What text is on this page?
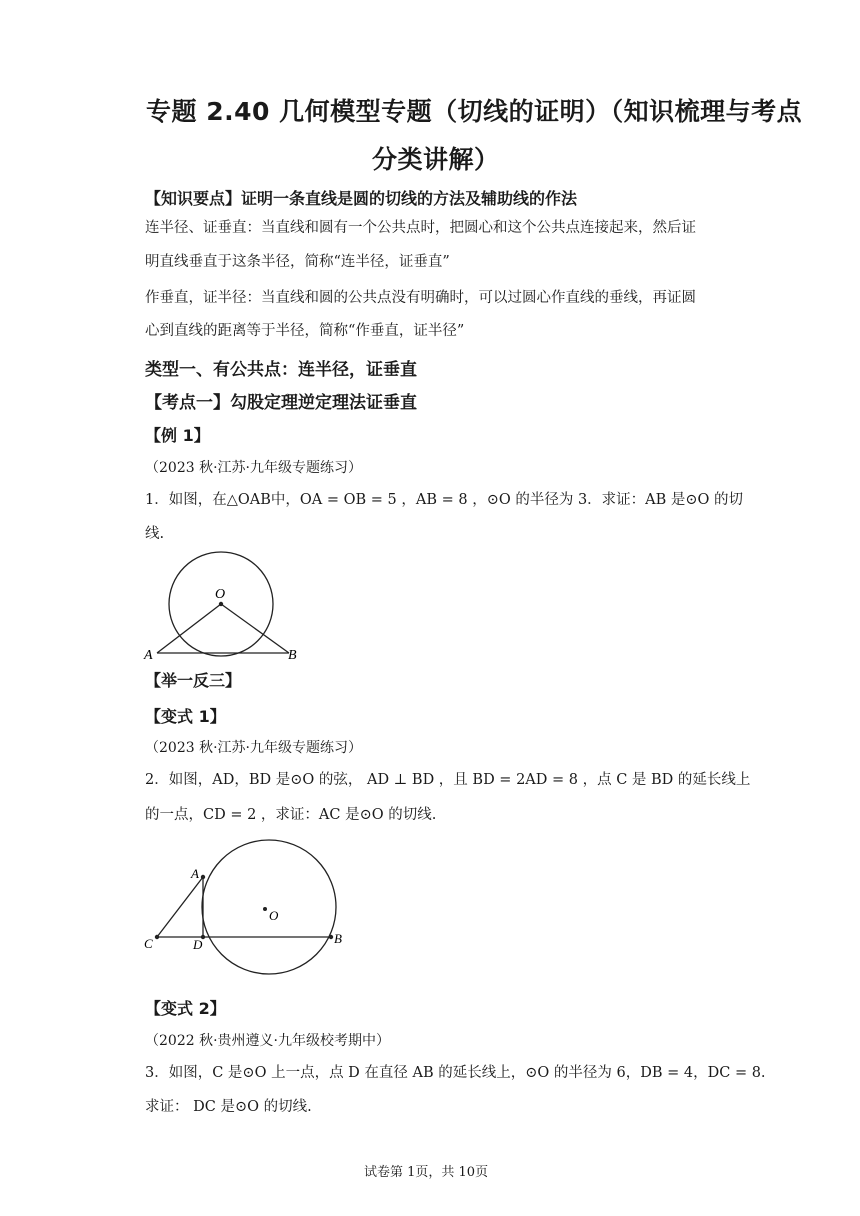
专题 2.40 几何模型专题（切线的证明）（知识梳理与考点
分类讲解）
【知识要点】证明一条直线是圆的切线的方法及辅助线的作法
连半径、证垂直：当直线和圆有一个公共点时，把圆心和这个公共点连接起来，然后证
明直线垂直于这条半径，简称“连半径，证垂直”
作垂直，证半径：当直线和圆的公共点没有明确时，可以过圆心作直线的垂线，再证圆
心到直线的距离等于半径，简称“作垂直，证半径”
类型一、有公共点：连半径，证垂直
【考点一】勾股定理逆定理法证垂直
【例 1】
（2023 秋·江苏·九年级专题练习）
1．如图，在△OAB中，OA = OB = 5 ，AB = 8 ，⊙O 的半径为 3．求证：AB 是⊙O 的切
线.
O
A	B
【举一反三】
【变式 1】
（2023 秋·江苏·九年级专题练习）
2．如图，AD，BD 是⊙O 的弦， AD ⊥ BD ，且 BD = 2AD = 8 ，点 C 是 BD 的延长线上
的一点，CD = 2 ，求证：AC 是⊙O 的切线.
A
O
C	D	B
【变式 2】
（2022 秋·贵州遵义·九年级校考期中）
3．如图，C 是⊙O 上一点，点 D 在直径 AB 的延长线上，⊙O 的半径为 6，DB = 4，DC = 8.
求证： DC 是⊙O 的切线.
试卷第 1页，共 10页
